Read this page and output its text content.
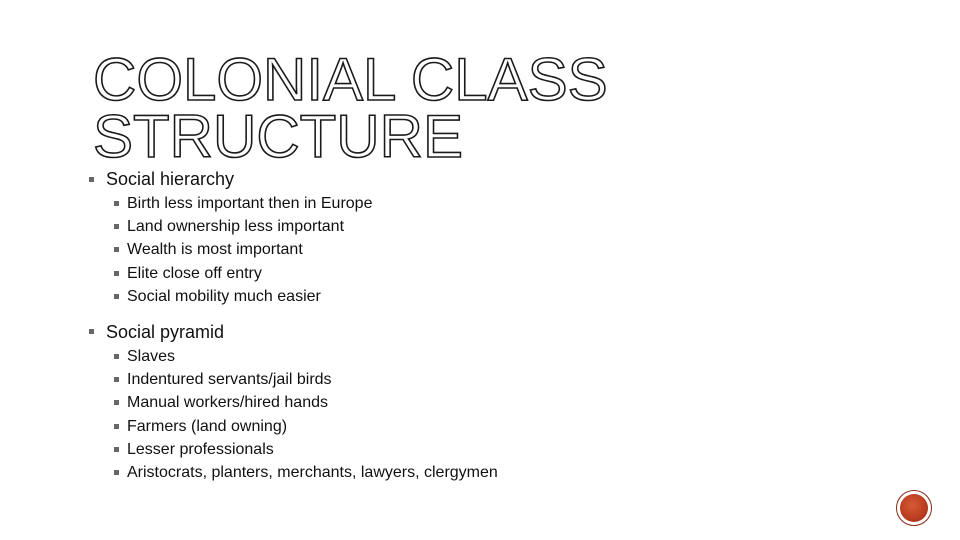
COLONIAL CLASS
STRUCTURE
Social hierarchy
Birth less important then in Europe
Land ownership less important
Wealth is most important
Elite close off entry
Social mobility much easier
Social pyramid
Slaves
Indentured servants/jail birds
Manual workers/hired hands
Farmers (land owning)
Lesser professionals
Aristocrats, planters, merchants, lawyers, clergymen
